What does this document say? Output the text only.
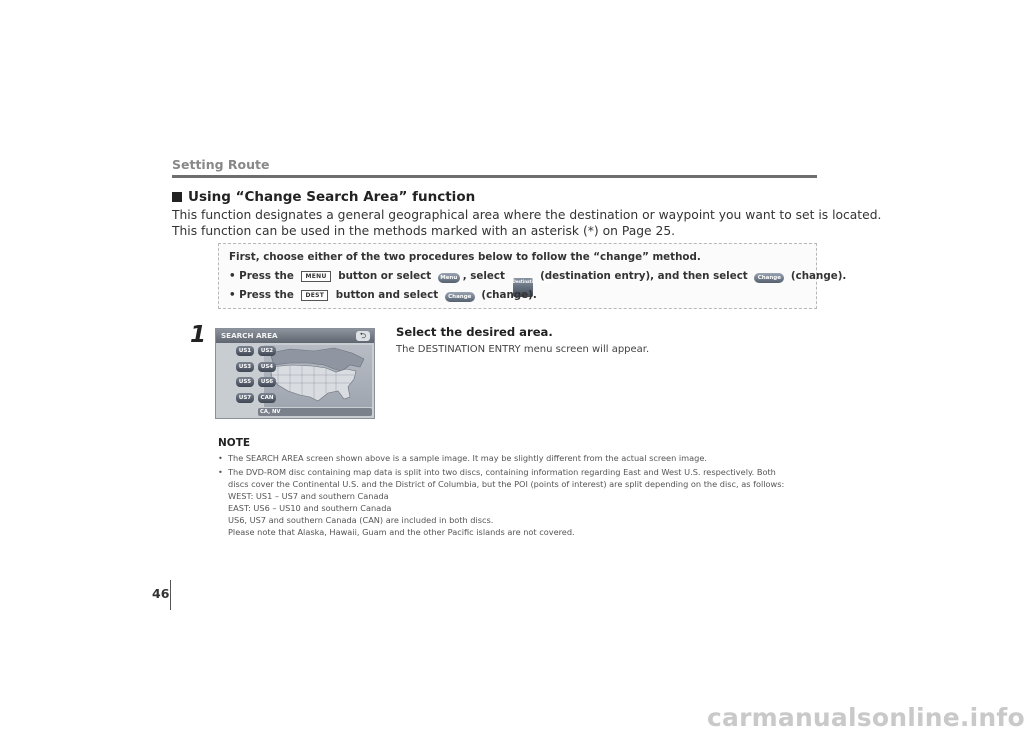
Setting Route
Using “Change Search Area” function

This function designates a general geographical area where the destination or waypoint you want to set is located.

This function can be used in the methods marked with an asterisk (*) on Page 25.

First, choose either of the two procedures below to follow the “change” method.
• Press the MENU button or select Menu , select Destination Entry (destination entry), and then select Change (change).
• Press the DEST button and select Change (change).
1 SEARCH AREA	⮌
US1	US2
US3	US4
US5	US6
US7	CAN
CA, NV
Select the desired area.
The DESTINATION ENTRY menu screen will appear.
NOTE
• The SEARCH AREA screen shown above is a sample image. It may be slightly different from the actual screen image.
• The DVD-ROM disc containing map data is split into two discs, containing information regarding East and West U.S. respectively. Both
discs cover the Continental U.S. and the District of Columbia, but the POI (points of interest) are split depending on the disc, as follows:
WEST: US1 – US7 and southern Canada
EAST: US6 – US10 and southern Canada
US6, US7 and southern Canada (CAN) are included in both discs.
Please note that Alaska, Hawaii, Guam and the other Pacific islands are not covered.
46
carmanualsonline.info
